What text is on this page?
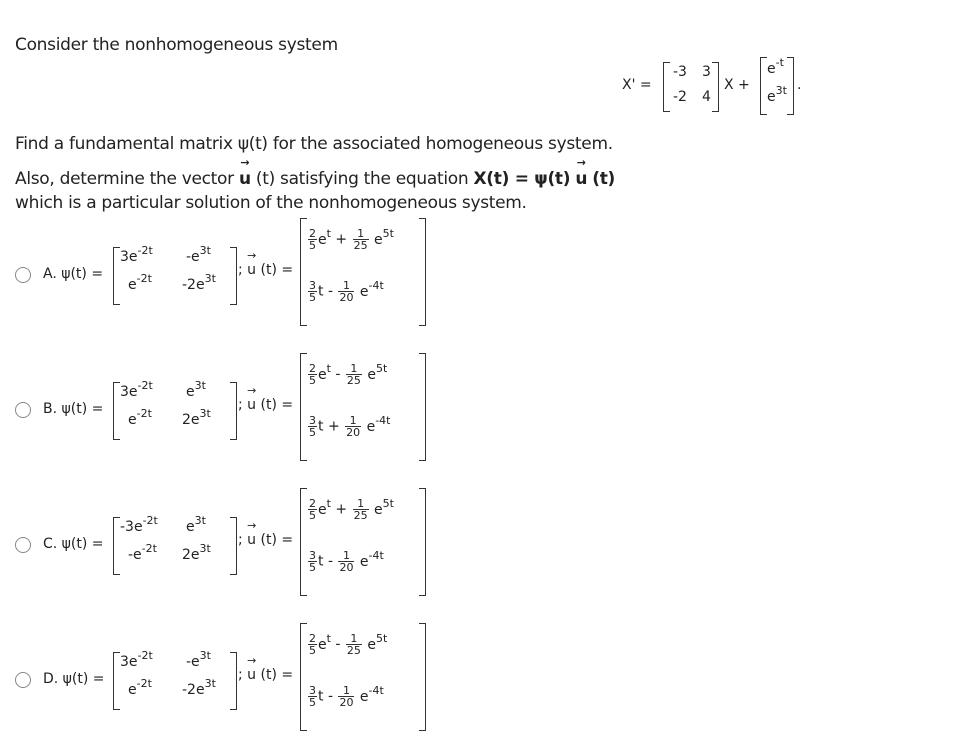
Consider the nonhomogeneous system
X' =
-3 3
-2 4
X +
$e^{-t}$
$e^{3t}$ .
Find a fundamental matrix ψ(t) for the associated homogeneous system.
Also, determine the vector
→
u (t) satisfying the equation X(t) = ψ(t)
→
u (t)
which is a particular solution of the nonhomogeneous system.
A. ψ(t) =
$3e^{-2t}$ $-e^{3t}$
$e^{-2t}$ $-2e^{3t}$
;
→
u (t) =
$\frac{2}{5} e^t + \frac{1}{25} e^{5t}$
$\frac{3}{5}$ t - $\frac{1}{20} e^{-4t}$
B. ψ(t) =
$3e^{-2t}$ $e^{3t}$
$e^{-2t}$ $2e^{3t}$
;
→
u (t) =
$\frac{2}{5} e^t - \frac{1}{25} e^{5t}$
$\frac{3}{5}$ $t + \frac{1}{20} e^{-4t}$
C. ψ(t) =
$-3e^{-2t}$ $e^{3t}$
$-e^{-2t}$ $2e^{3t}$
;
→
u (t) =
$\frac{2}{5} e^t + \frac{1}{25} e^{5t}$
$\frac{3}{5}$ t - $\frac{1}{20} e^{-4t}$
D. ψ(t) =
$3e^{-2t}$ $-e^{3t}$
$e^{-2t}$ $-2e^{3t}$
;
→
u (t) =
$\frac{2}{5} e^t - \frac{1}{25} e^{5t}$
$\frac{3}{5}$ t - $\frac{1}{20} e^{-4t}$
